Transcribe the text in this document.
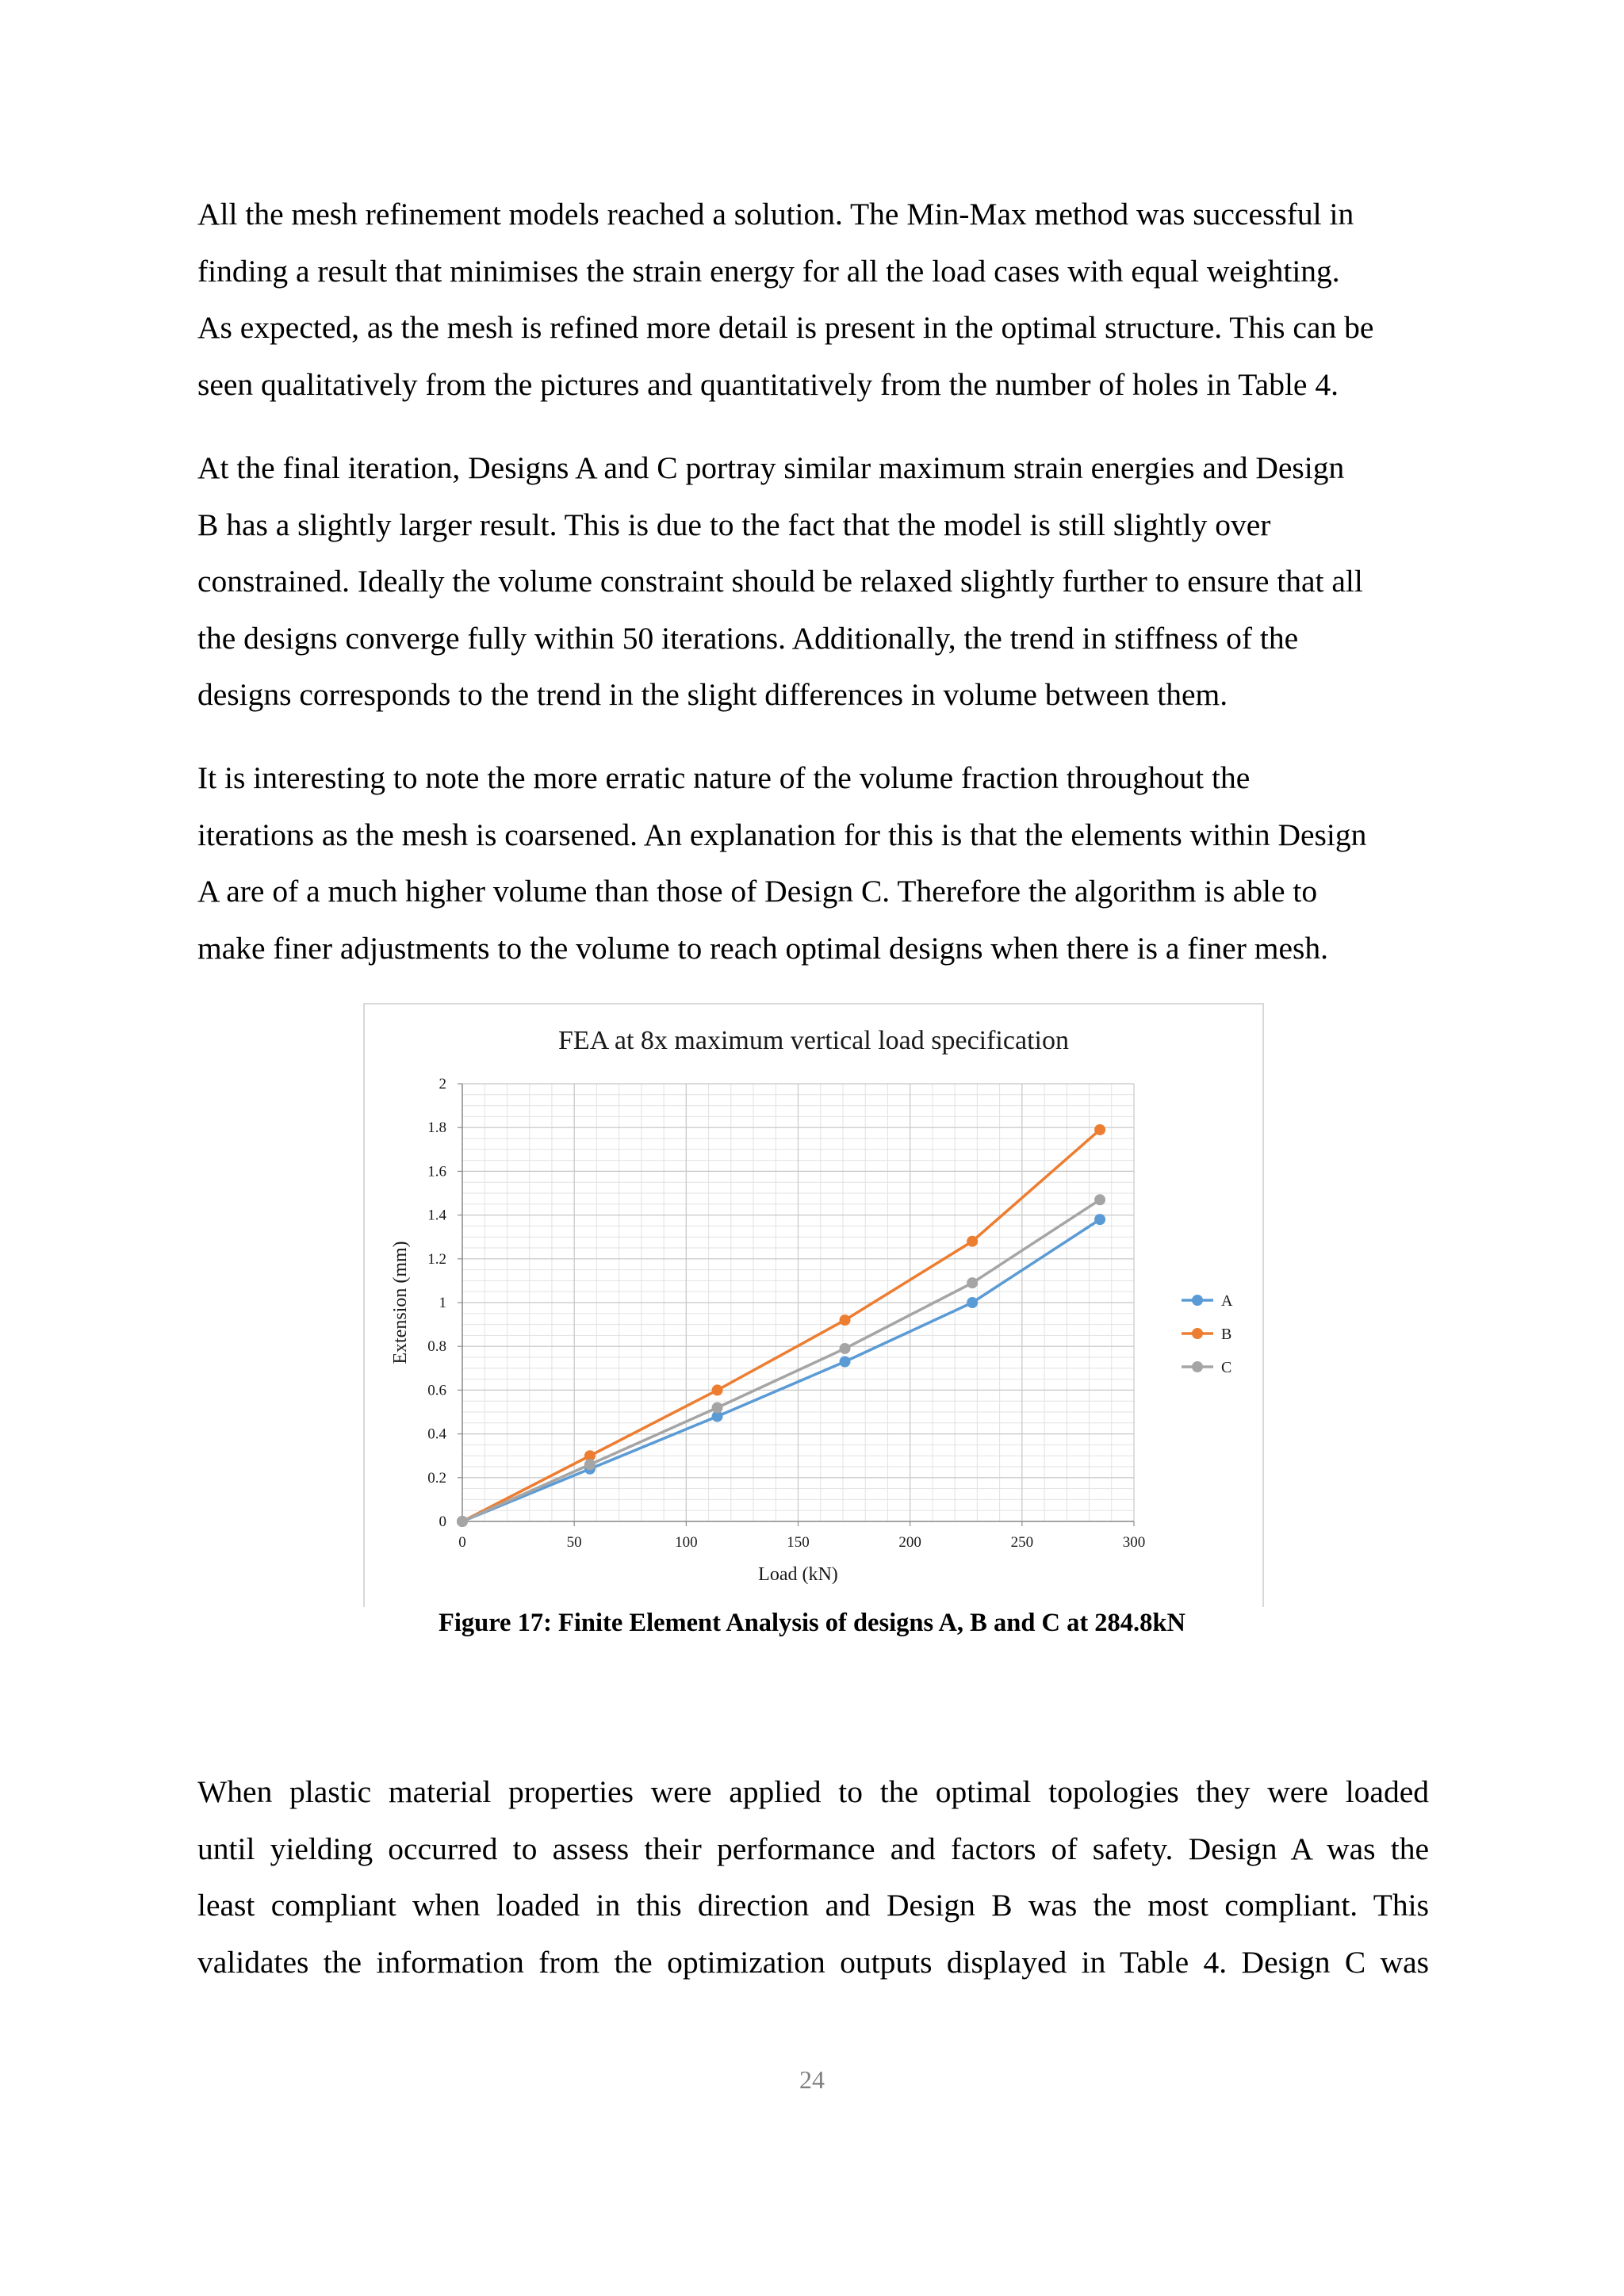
All the mesh refinement models reached a solution. The Min-Max method was successful in
finding a result that minimises the strain energy for all the load cases with equal weighting.
As expected, as the mesh is refined more detail is present in the optimal structure. This can be
seen qualitatively from the pictures and quantitatively from the number of holes in Table 4.
At the final iteration, Designs A and C portray similar maximum strain energies and Design
B has a slightly larger result. This is due to the fact that the model is still slightly over
constrained. Ideally the volume constraint should be relaxed slightly further to ensure that all
the designs converge fully within 50 iterations. Additionally, the trend in stiffness of the
designs corresponds to the trend in the slight differences in volume between them.
It is interesting to note the more erratic nature of the volume fraction throughout the
iterations as the mesh is coarsened. An explanation for this is that the elements within Design
A are of a much higher volume than those of Design C. Therefore the algorithm is able to
make finer adjustments to the volume to reach optimal designs when there is a finer mesh.
0
0.2
0.4
0.6
0.8
1
1.2
1.4
1.6
1.8
2
0	50	100	150	200	250	300
FEA at 8x maximum vertical load specification
Load (kN)
Extension (mm)	A
B
C
Figure 17: Finite Element Analysis of designs A, B and C at 284.8kN
When plastic material properties were applied to the optimal topologies they were loaded
until yielding occurred to assess their performance and factors of safety. Design A was the
least compliant when loaded in this direction and Design B was the most compliant. This
validates the information from the optimization outputs displayed in Table 4. Design C was
24
